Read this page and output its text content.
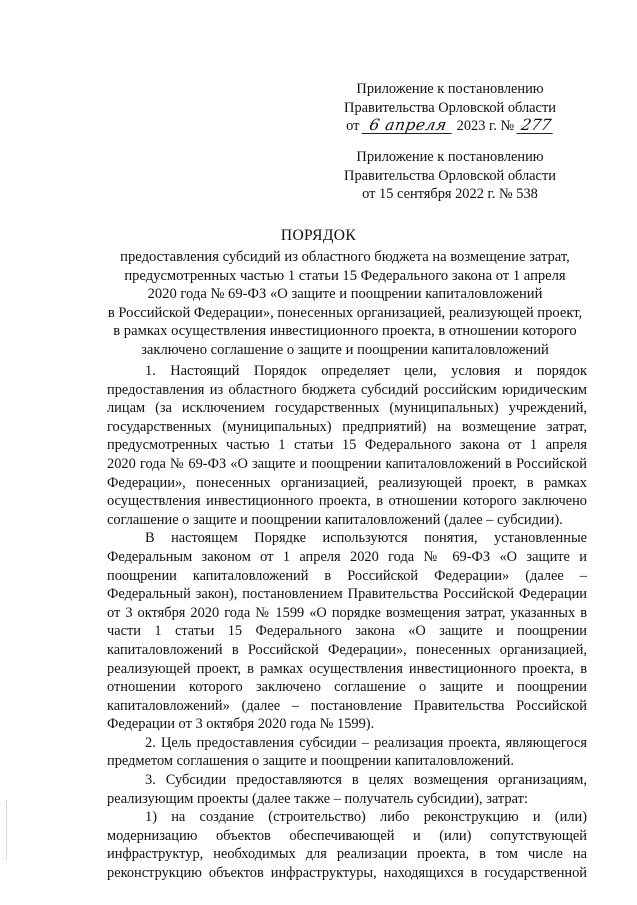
Приложение к постановлению
Правительства Орловской области
от 6 апреля 2023 г. № 277
Приложение к постановлению
Правительства Орловской области
от 15 сентября 2022 г. № 538
ПОРЯДОК
предоставления субсидий из областного бюджета на возмещение затрат,
предусмотренных частью 1 статьи 15 Федерального закона от 1 апреля
2020 года № 69-ФЗ «О защите и поощрении капиталовложений
в Российской Федерации», понесенных организацией, реализующей проект,
в рамках осуществления инвестиционного проекта, в отношении которого
заключено соглашение о защите и поощрении капиталовложений
1. Настоящий Порядок определяет цели, условия и порядок
предоставления из областного бюджета субсидий российским юридическим
лицам (за исключением государственных (муниципальных) учреждений,
государственных (муниципальных) предприятий) на возмещение затрат,
предусмотренных частью 1 статьи 15 Федерального закона от 1 апреля
2020 года № 69-ФЗ «О защите и поощрении капиталовложений в Российской
Федерации», понесенных организацией, реализующей проект, в рамках
осуществления инвестиционного проекта, в отношении которого заключено
соглашение о защите и поощрении капиталовложений (далее – субсидии).
В настоящем Порядке используются понятия, установленные
Федеральным законом от 1 апреля 2020 года № 69-ФЗ «О защите и
поощрении капиталовложений в Российской Федерации» (далее –
Федеральный закон), постановлением Правительства Российской Федерации
от 3 октября 2020 года № 1599 «О порядке возмещения затрат, указанных в
части 1 статьи 15 Федерального закона «О защите и поощрении
капиталовложений в Российской Федерации», понесенных организацией,
реализующей проект, в рамках осуществления инвестиционного проекта, в
отношении которого заключено соглашение о защите и поощрении
капиталовложений» (далее – постановление Правительства Российской
Федерации от 3 октября 2020 года № 1599).
2. Цель предоставления субсидии – реализация проекта, являющегося
предметом соглашения о защите и поощрении капиталовложений.
3. Субсидии предоставляются в целях возмещения организациям,
реализующим проекты (далее также – получатель субсидии), затрат:
1) на создание (строительство) либо реконструкцию и (или)
модернизацию объектов обеспечивающей и (или) сопутствующей
инфраструктур, необходимых для реализации проекта, в том числе на
реконструкцию объектов инфраструктуры, находящихся в государственной
